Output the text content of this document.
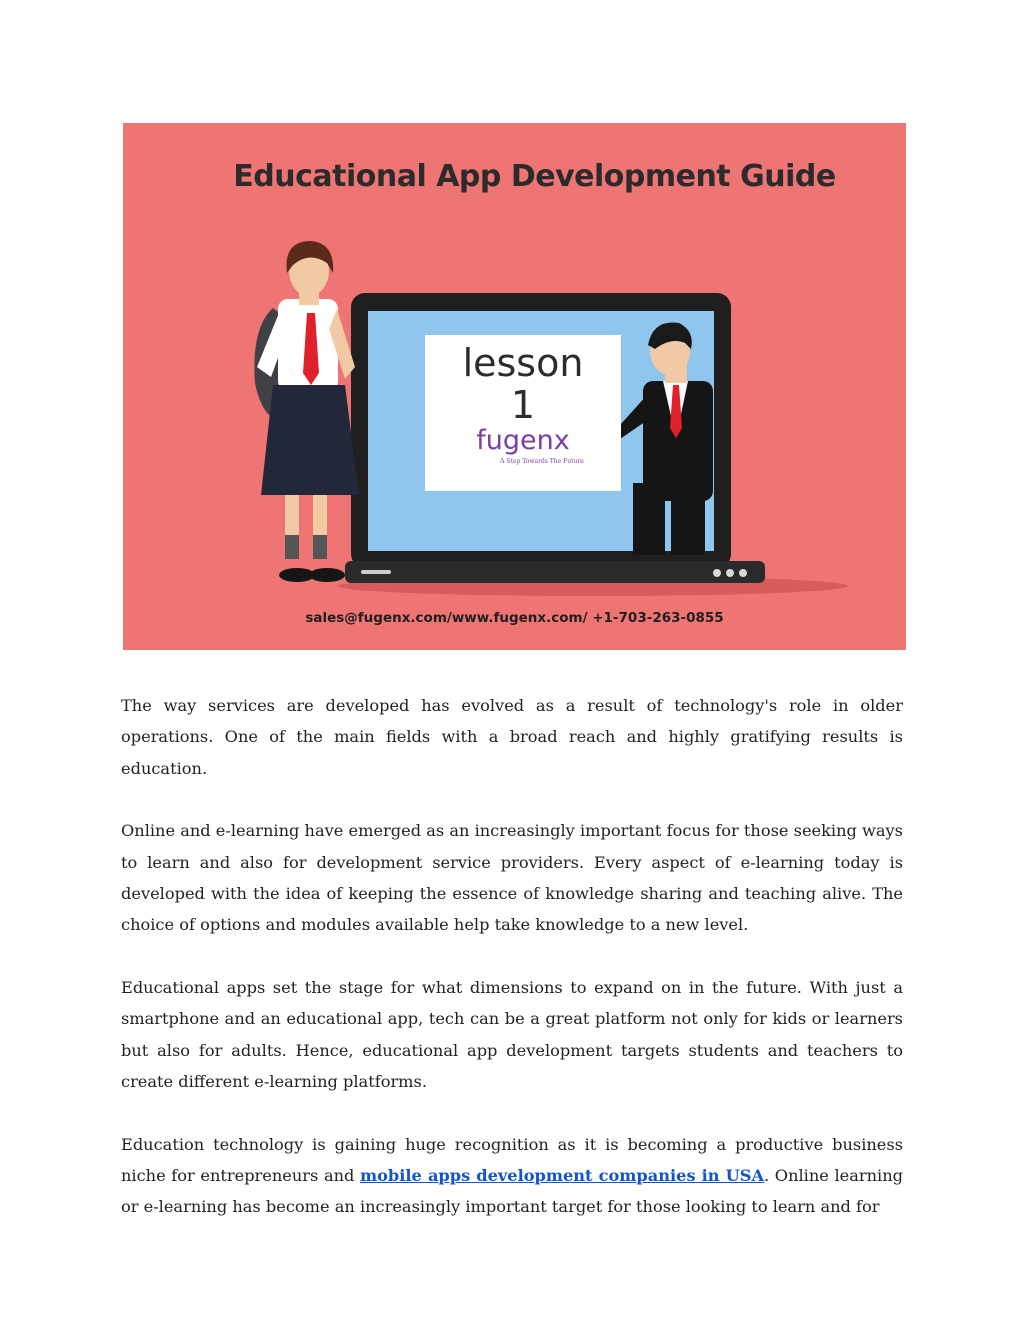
Educational App Development Guide
lesson
1
fugenx
A Step Towards The Future
sales@fugenx.com/www.fugenx.com/ +1-703-263-0855

The way services are developed has evolved as a result of technology's role in older operations. One of the main fields with a broad reach and highly gratifying results is education.

Online and e-learning have emerged as an increasingly important focus for those seeking ways to learn and also for development service providers. Every aspect of e-learning today is developed with the idea of keeping the essence of knowledge sharing and teaching alive. The choice of options and modules available help take knowledge to a new level.

Educational apps set the stage for what dimensions to expand on in the future. With just a smartphone and an educational app, tech can be a great platform not only for kids or learners but also for adults. Hence, educational app development targets students and teachers to create different e-learning platforms.

Education technology is gaining huge recognition as it is becoming a productive business niche for entrepreneurs and mobile apps development companies in USA. Online learning or e-learning has become an increasingly important target for those looking to learn and for
